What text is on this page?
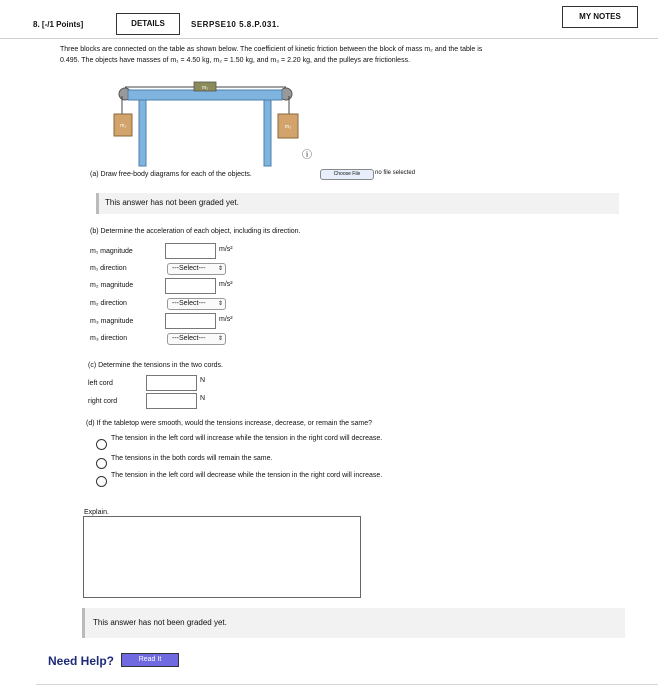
8. [-/1 Points]	DETAILS	SERPSE10 5.8.P.031.
MY NOTES
Three blocks are connected on the table as shown below. The coefficient of kinetic friction between the block of mass m₂ and the table is
0.495. The objects have masses of m₁ = 4.50 kg, m₂ = 1.50 kg, and m₃ = 2.20 kg, and the pulleys are frictionless.
m₂
m₁	m₃
ⓘ
(a) Draw free-body diagrams for each of the objects.	Choose File	no file selected
This answer has not been graded yet.
(b) Determine the acceleration of each object, including its direction.
m₁ magnitude	m/s²
m₁ direction	---Select--- ⇕
m₂ magnitude	m/s²
m₂ direction	---Select--- ⇕
m₃ magnitude	m/s²
m₃ direction	---Select--- ⇕
(c) Determine the tensions in the two cords.
left cord	N
right cord	N
(d) If the tabletop were smooth, would the tensions increase, decrease, or remain the same?
The tension in the left cord will increase while the tension in the right cord will decrease.
The tensions in the both cords will remain the same.
The tension in the left cord will decrease while the tension in the right cord will increase.
Explain.
This answer has not been graded yet.
Need Help?	Read It
